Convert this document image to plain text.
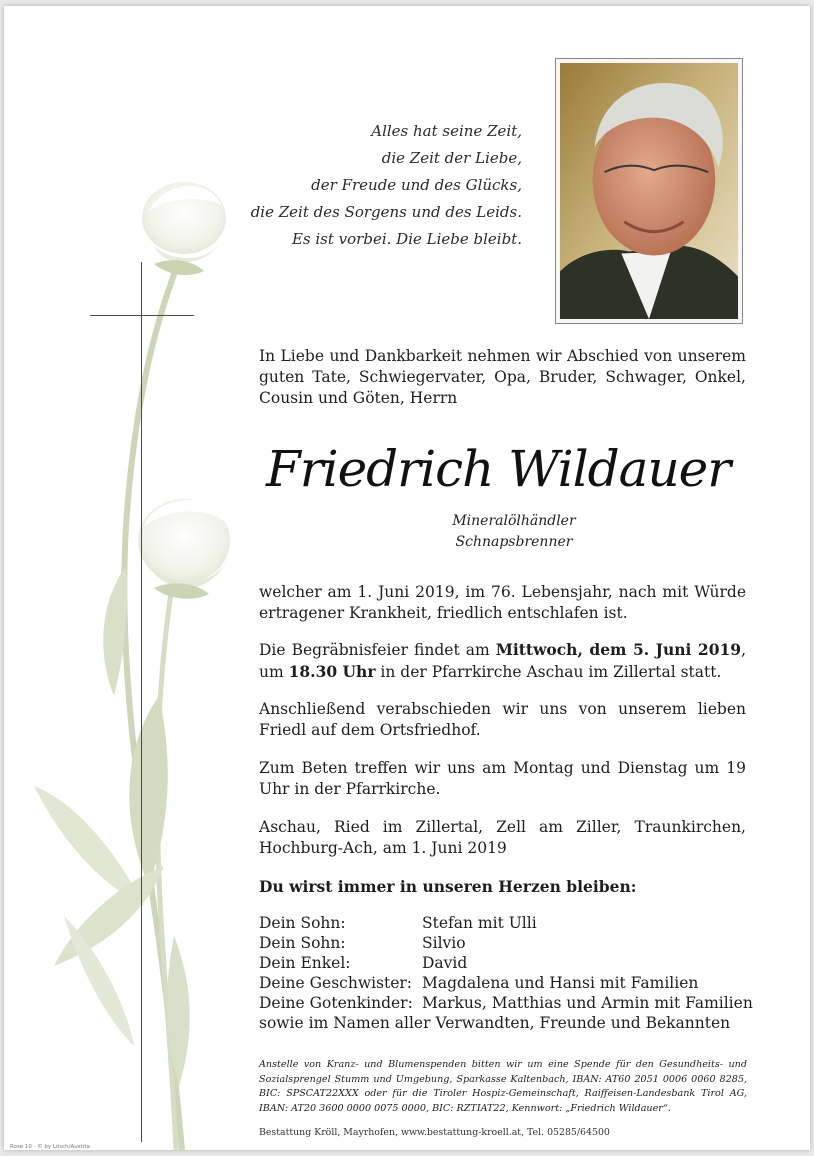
Alles hat seine Zeit,
die Zeit der Liebe,
der Freude und des Glücks,
die Zeit des Sorgens und des Leids.
Es ist vorbei. Die Liebe bleibt.
In Liebe und Dankbarkeit nehmen wir Abschied von unserem guten Tate, Schwiegervater, Opa, Bruder, Schwager, Onkel, Cousin und Göten, Herrn
Friedrich Wildauer
Mineralölhändler
Schnapsbrenner
welcher am 1. Juni 2019, im 76. Lebensjahr, nach mit Würde ertragener Krankheit, friedlich entschlafen ist.
Die Begräbnisfeier findet am Mittwoch, dem 5. Juni 2019, um 18.30 Uhr in der Pfarrkirche Aschau im Zillertal statt.
Anschließend verabschieden wir uns von unserem lieben Friedl auf dem Ortsfriedhof.
Zum Beten treffen wir uns am Montag und Dienstag um 19 Uhr in der Pfarrkirche.
Aschau, Ried im Zillertal, Zell am Ziller, Traunkirchen, Hochburg-Ach, am 1. Juni 2019
Du wirst immer in unseren Herzen bleiben:
Dein Sohn:	Stefan mit Ulli
Dein Sohn:	Silvio
Dein Enkel:	David
Deine Geschwister: Magdalena und Hansi mit Familien
Deine Gotenkinder: Markus, Matthias und Armin mit Familien
sowie im Namen aller Verwandten, Freunde und Bekannten
Anstelle von Kranz- und Blumenspenden bitten wir um eine Spende für den Gesundheits- und Sozialsprengel Stumm und Umgebung, Sparkasse Kaltenbach, IBAN: AT60 2051 0006 0060 8285, BIC: SPSCAT22XXX oder für die Tiroler Hospiz-Gemeinschaft, Raiffeisen-Landesbank Tirol AG, IBAN: AT20 3600 0000 0075 0000, BIC: RZTIAT22, Kennwort: „Friedrich Wildauer“.
Bestattung Kröll, Mayrhofen, www.bestattung-kroell.at, Tel. 05285/64500
Rose 10 · © by Lösch/Austria
